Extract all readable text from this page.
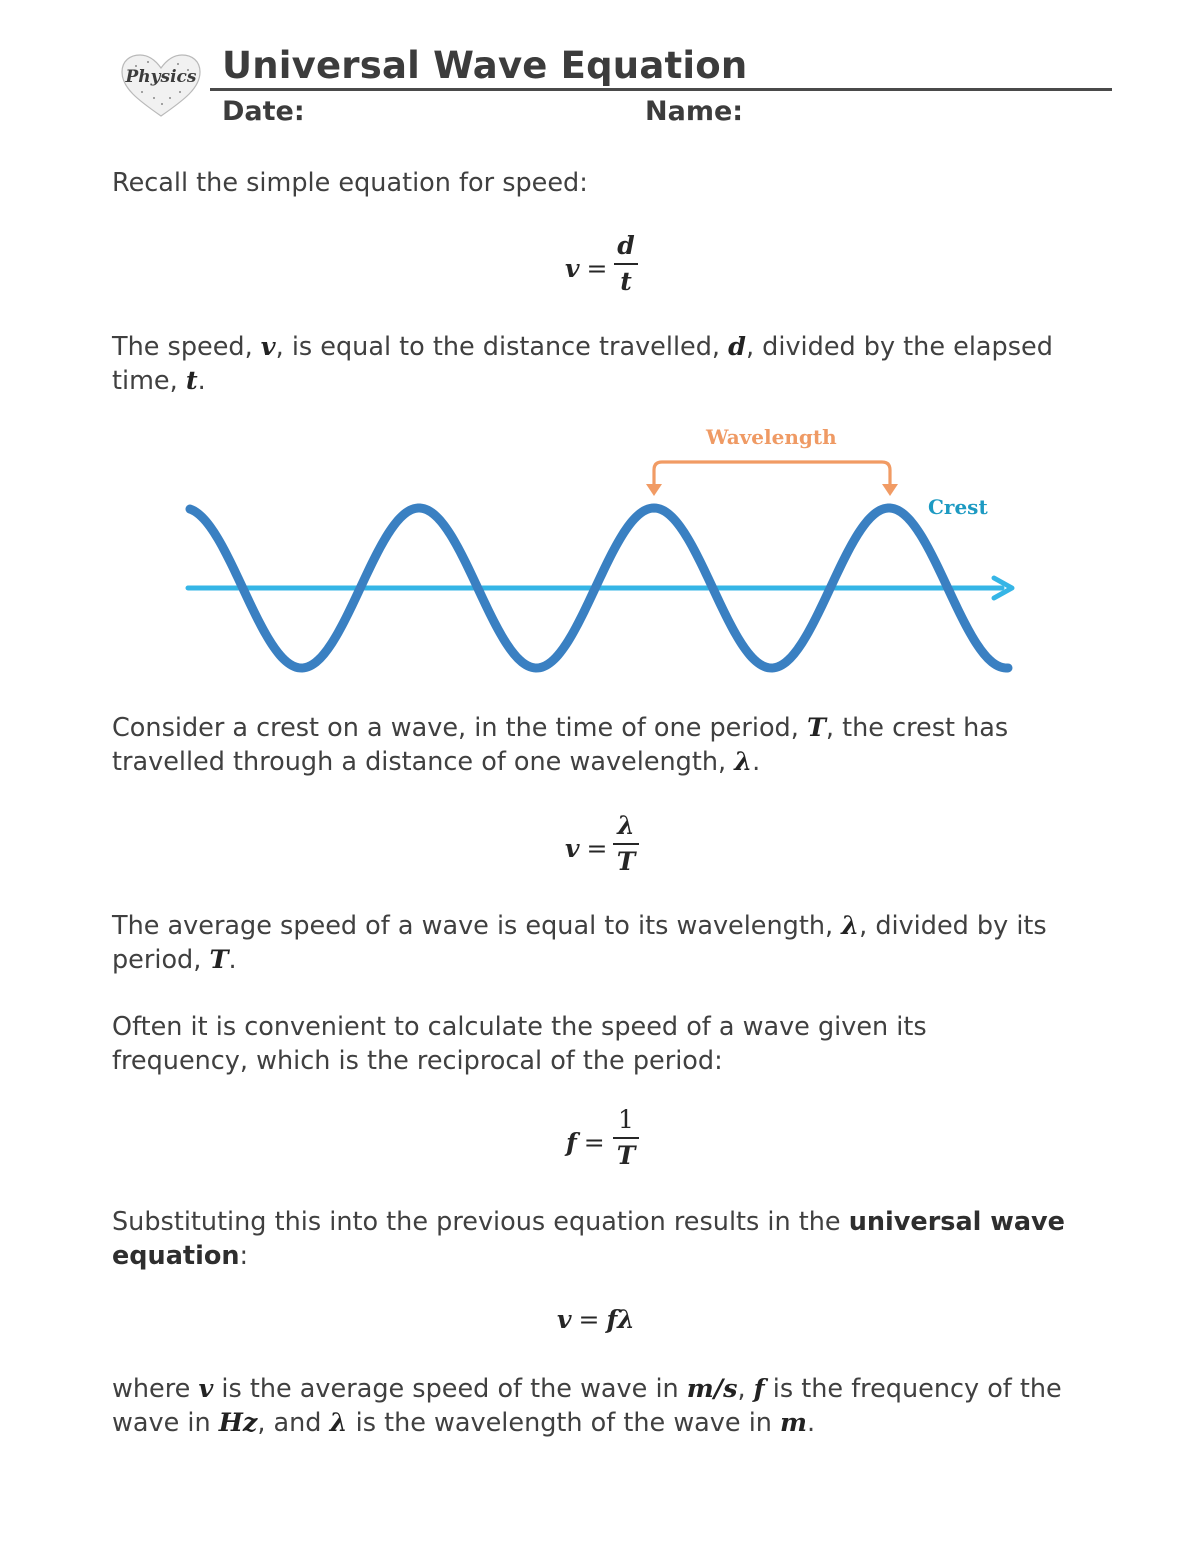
Physics Universal Wave Equation
Date:	Name:
Recall the simple equation for speed:
v =
d
t
The speed, v, is equal to the distance travelled, d, divided by the elapsed time, t.
Wavelength
Crest
Consider a crest on a wave, in the time of one period, T, the crest has travelled through a distance of one wavelength, λ.
v =
λ
T
The average speed of a wave is equal to its wavelength, λ, divided by its period, T.
Often it is convenient to calculate the speed of a wave given its frequency, which is the reciprocal of the period:
f =
1
T
Substituting this into the previous equation results in the universal wave equation:
v = fλ
where v is the average speed of the wave in m/s, f is the frequency of the wave in Hz, and λ is the wavelength of the wave in m.
